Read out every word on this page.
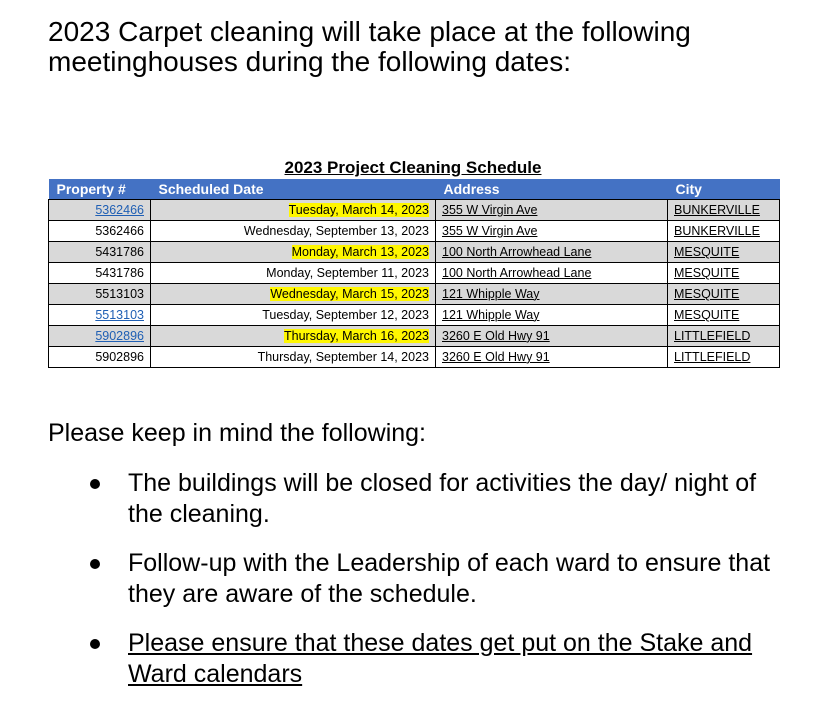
2023 Carpet cleaning will take place at the following meetinghouses during the following dates:
2023 Project Cleaning Schedule
Property #	Scheduled Date	Address	City
5362466	Tuesday, March 14, 2023	355 W Virgin Ave	BUNKERVILLE
5362466	Wednesday, September 13, 2023	355 W Virgin Ave	BUNKERVILLE
5431786	Monday, March 13, 2023	100 North Arrowhead Lane	MESQUITE
5431786	Monday, September 11, 2023	100 North Arrowhead Lane	MESQUITE
5513103	Wednesday, March 15, 2023	121 Whipple Way	MESQUITE
5513103	Tuesday, September 12, 2023	121 Whipple Way	MESQUITE
5902896	Thursday, March 16, 2023	3260 E Old Hwy 91	LITTLEFIELD
5902896	Thursday, September 14, 2023	3260 E Old Hwy 91	LITTLEFIELD
Please keep in mind the following:
The buildings will be closed for activities the day/ night of the cleaning.
Follow-up with the Leadership of each ward to ensure that they are aware of the schedule.
Please ensure that these dates get put on the Stake and Ward calendars
